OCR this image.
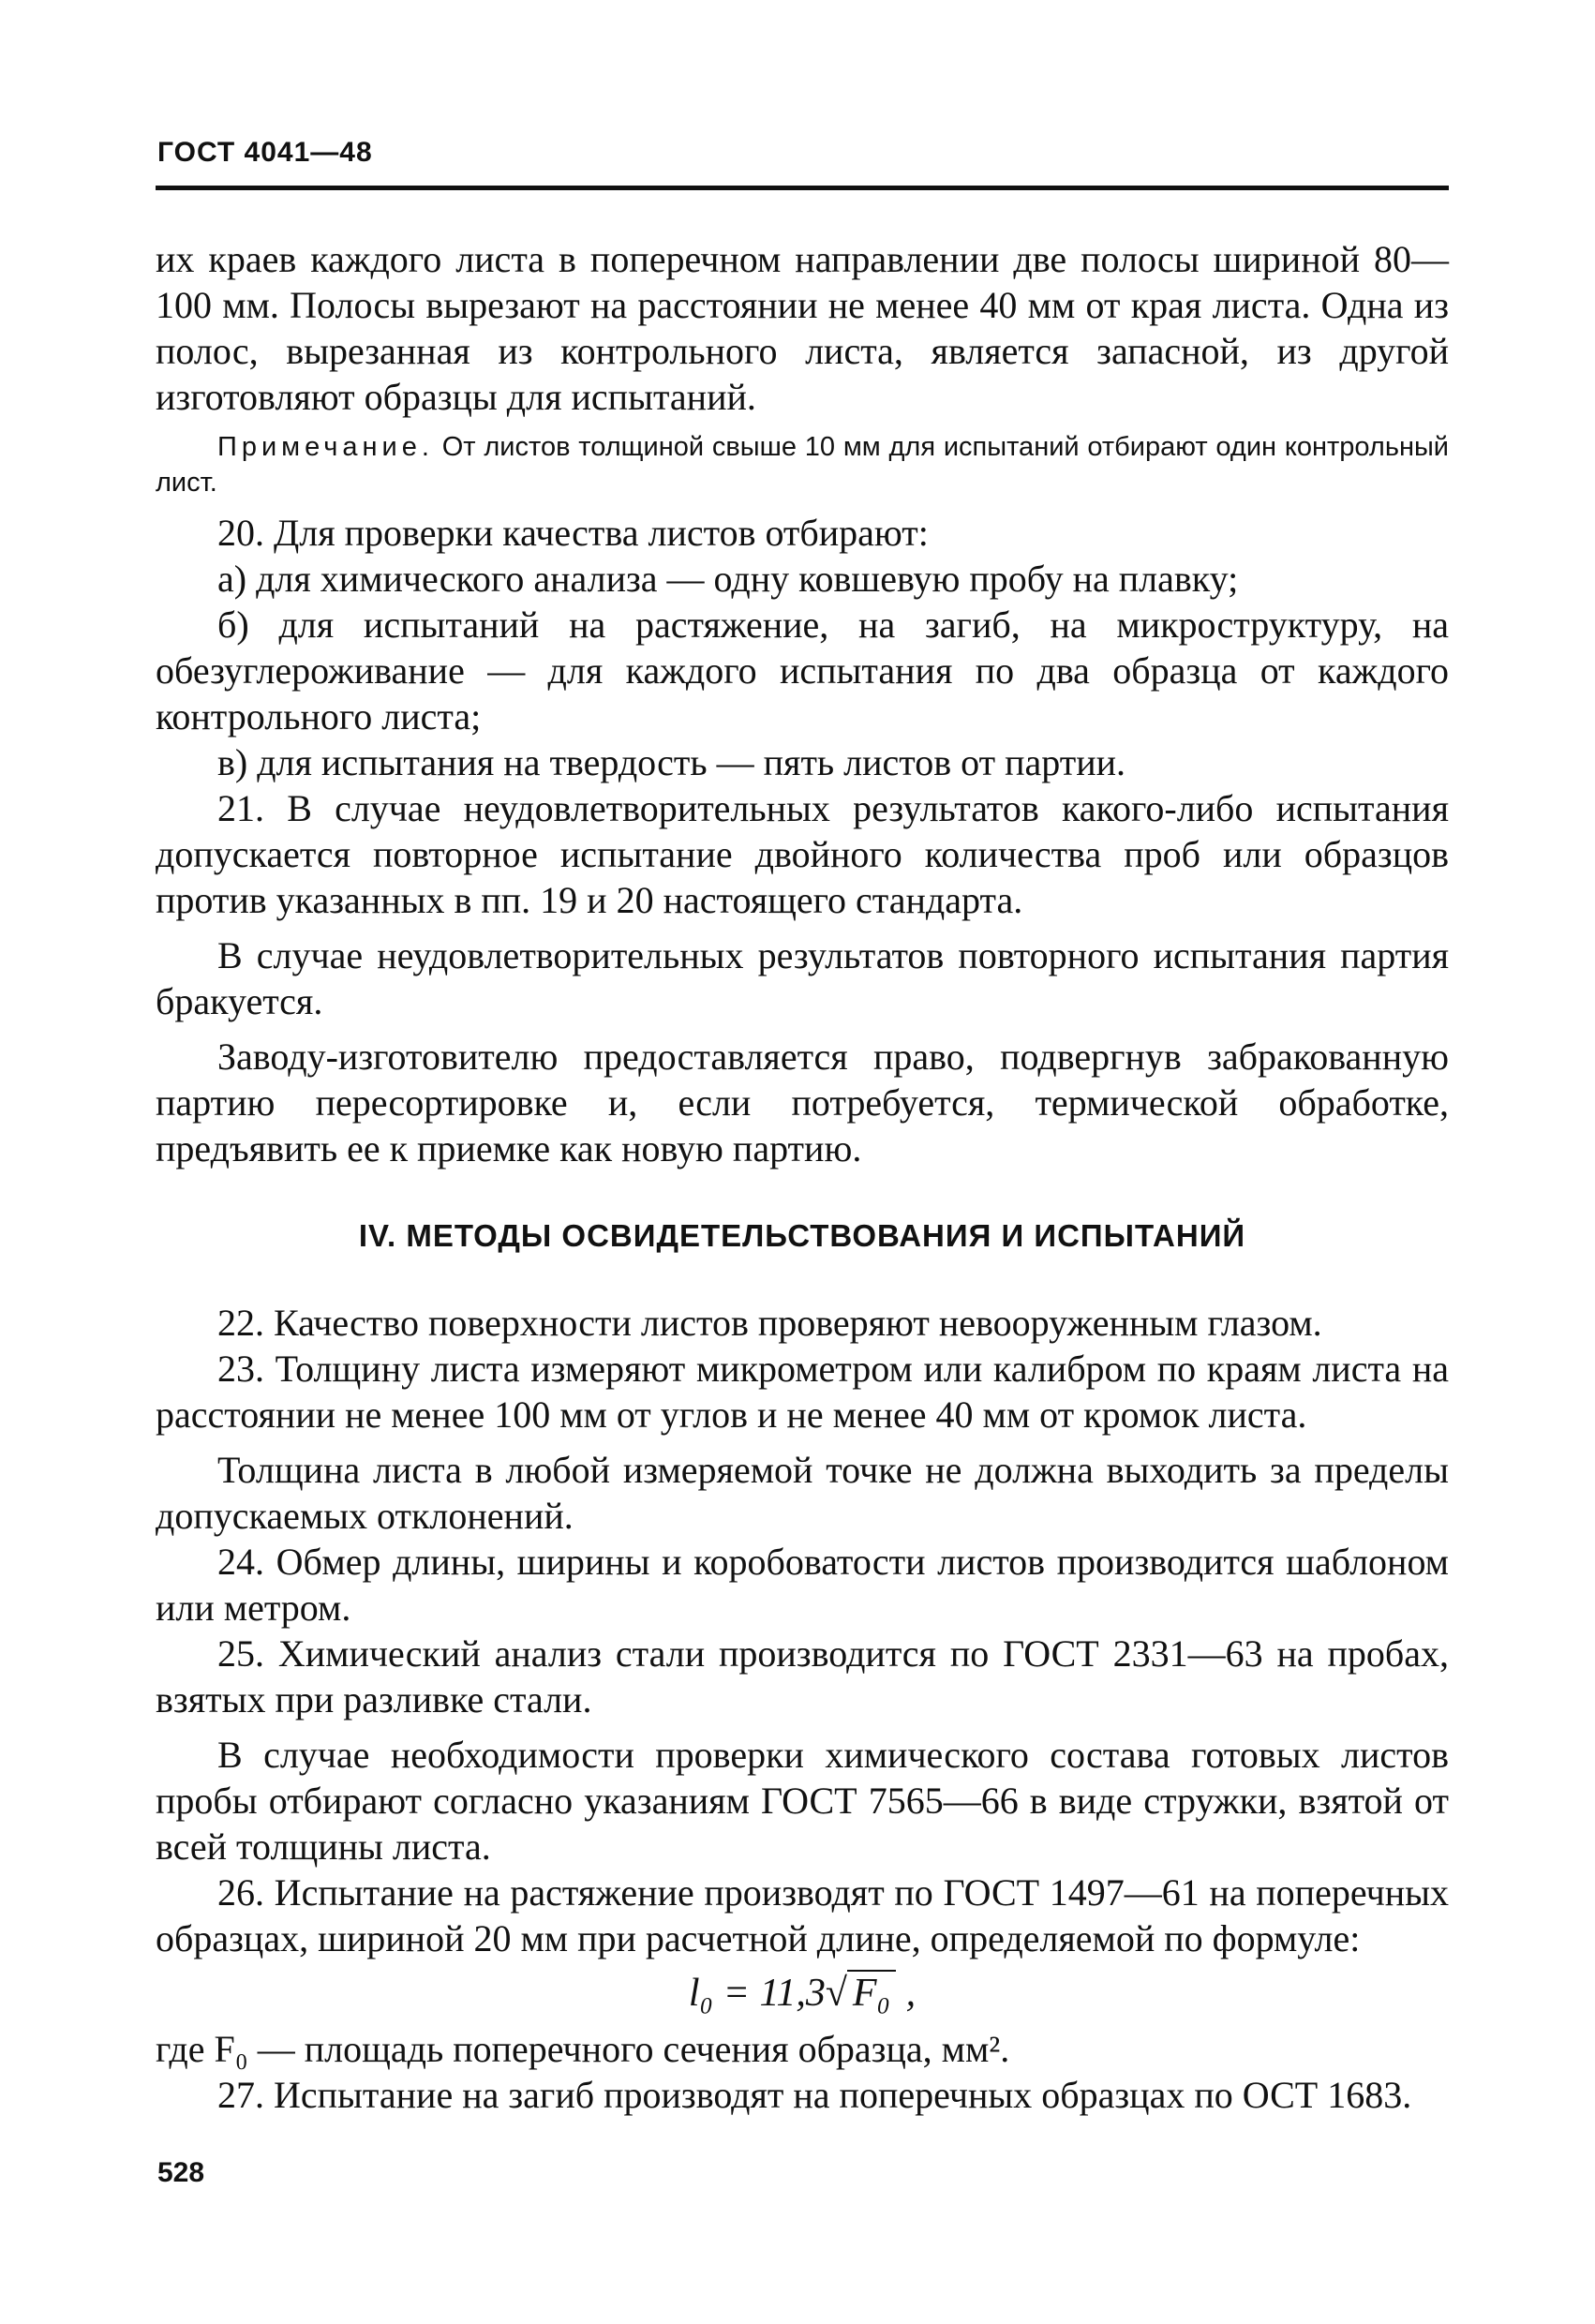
ГОСТ 4041—48

их краев каждого листа в поперечном направлении две полосы шириной 80—100 мм. Полосы вырезают на расстоянии не менее 40 мм от края листа. Одна из полос, вырезанная из контрольного листа, является запасной, из другой изготовляют образцы для испытаний.

Примечание. От листов толщиной свыше 10 мм для испытаний отбирают один контрольный лист.

20. Для проверки качества листов отбирают:

а) для химического анализа — одну ковшевую пробу на плавку;

б) для испытаний на растяжение, на загиб, на микроструктуру, на обезуглероживание — для каждого испытания по два образца от каждого контрольного листа;

в) для испытания на твердость — пять листов от партии.

21. В случае неудовлетворительных результатов какого-либо испытания допускается повторное испытание двойного количества проб или образцов против указанных в пп. 19 и 20 настоящего стандарта.

В случае неудовлетворительных результатов повторного испытания партия бракуется.

Заводу-изготовителю предоставляется право, подвергнув забракованную партию пересортировке и, если потребуется, термической обработке, предъявить ее к приемке как новую партию.

IV. МЕТОДЫ ОСВИДЕТЕЛЬСТВОВАНИЯ И ИСПЫТАНИЙ

22. Качество поверхности листов проверяют невооруженным глазом.

23. Толщину листа измеряют микрометром или калибром по краям листа на расстоянии не менее 100 мм от углов и не менее 40 мм от кромок листа.

Толщина листа в любой измеряемой точке не должна выходить за пределы допускаемых отклонений.

24. Обмер длины, ширины и коробоватости листов производится шаблоном или метром.

25. Химический анализ стали производится по ГОСТ 2331—63 на пробах, взятых при разливке стали.

В случае необходимости проверки химического состава готовых листов пробы отбирают согласно указаниям ГОСТ 7565—66 в виде стружки, взятой от всей толщины листа.

26. Испытание на растяжение производят по ГОСТ 1497—61 на поперечных образцах, шириной 20 мм при расчетной длине, определяемой по формуле:

l₀ = 11,3√ F₀ ,

где F₀ — площадь поперечного сечения образца, мм².

27. Испытание на загиб производят на поперечных образцах по ОСТ 1683.

528
